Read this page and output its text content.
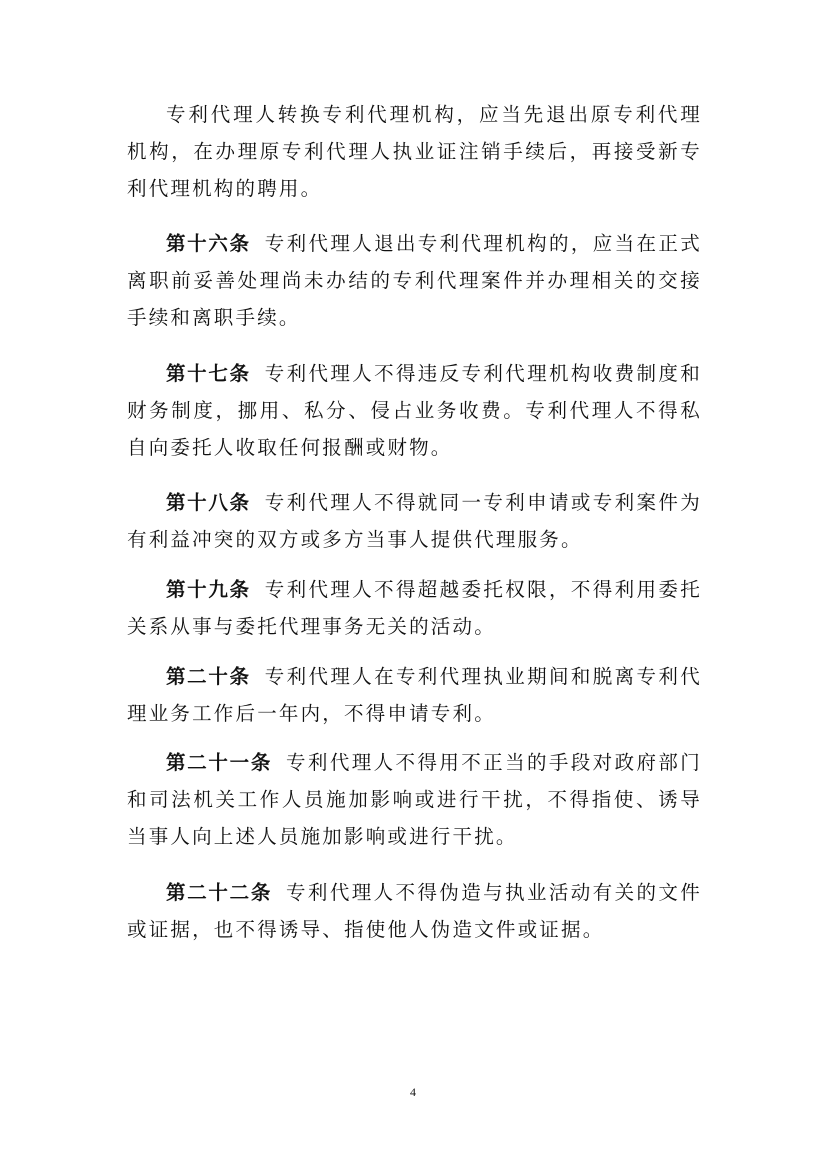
专利代理人转换专利代理机构，应当先退出原专利代理机构，在办理原专利代理人执业证注销手续后，再接受新专利代理机构的聘用。

第十六条 专利代理人退出专利代理机构的，应当在正式离职前妥善处理尚未办结的专利代理案件并办理相关的交接手续和离职手续。

第十七条 专利代理人不得违反专利代理机构收费制度和财务制度，挪用、私分、侵占业务收费。专利代理人不得私自向委托人收取任何报酬或财物。

第十八条 专利代理人不得就同一专利申请或专利案件为有利益冲突的双方或多方当事人提供代理服务。

第十九条 专利代理人不得超越委托权限，不得利用委托关系从事与委托代理事务无关的活动。

第二十条 专利代理人在专利代理执业期间和脱离专利代理业务工作后一年内，不得申请专利。

第二十一条 专利代理人不得用不正当的手段对政府部门和司法机关工作人员施加影响或进行干扰，不得指使、诱导当事人向上述人员施加影响或进行干扰。

第二十二条 专利代理人不得伪造与执业活动有关的文件或证据，也不得诱导、指使他人伪造文件或证据。

4
